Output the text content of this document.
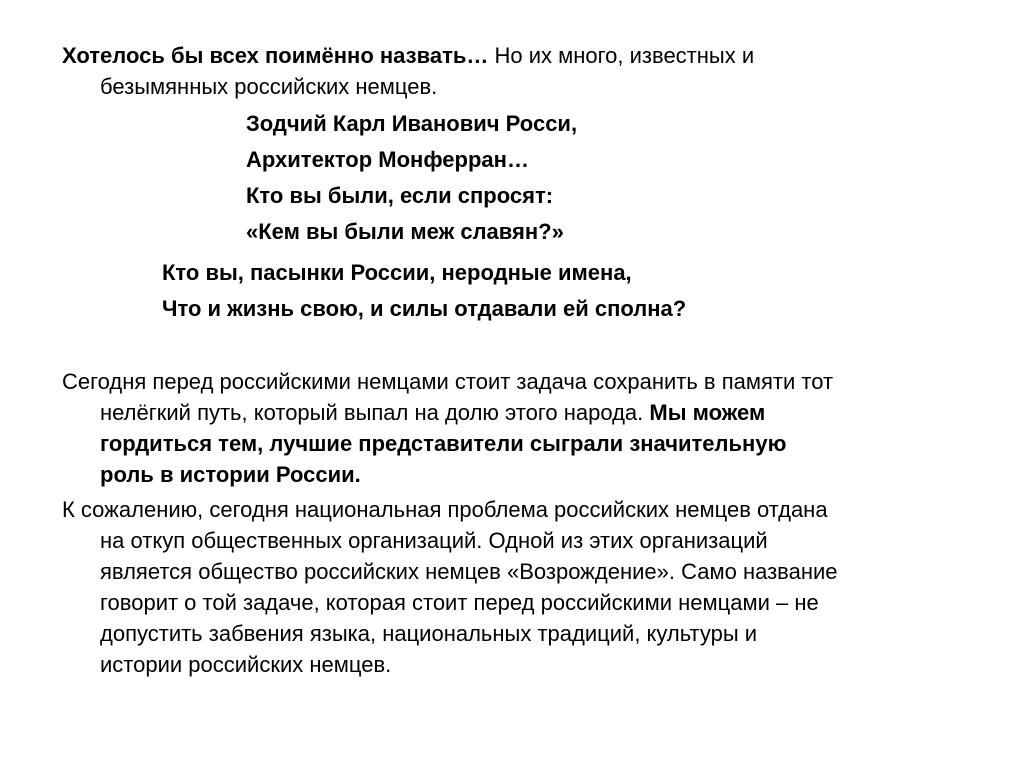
Хотелось бы всех поимённо назвать… Но их много, известных и
безымянных российских немцев.

Зодчий Карл Иванович Росси,
Архитектор Монферран…
Кто вы были, если спросят:
«Кем вы были меж славян?»
Кто вы, пасынки России, неродные имена,
Что и жизнь свою, и силы отдавали ей сполна?

Сегодня перед российскими немцами стоит задача сохранить в памяти тот
нелёгкий путь, который выпал на долю этого народа. Мы можем
гордиться тем, лучшие представители сыграли значительную
роль в истории России.

К сожалению, сегодня национальная проблема российских немцев отдана
на откуп общественных организаций. Одной из этих организаций
является общество российских немцев «Возрождение». Само название
говорит о той задаче, которая стоит перед российскими немцами – не
допустить забвения языка, национальных традиций, культуры и
истории российских немцев.
